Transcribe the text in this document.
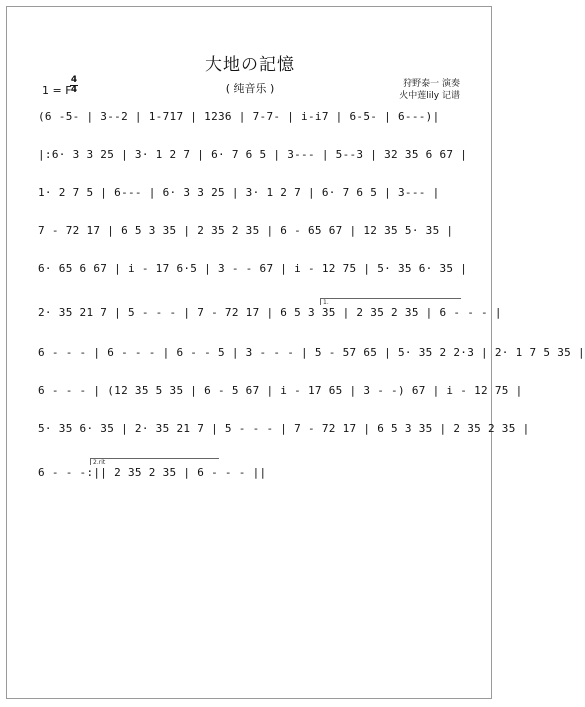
大地の記憶
( 纯音乐 )
1 = F
4
4
狩野泰一 演奏
火中莲lily 记谱
(6 -5- | 3--2 | 1-717 | 1236 | 7-7- | i-i7 | 6-5- | 6---)|
|:6· 3 3 25 | 3· 1 2 7 | 6· 7 6 5 | 3--- | 5--3 | 32 35 6 67 |
1· 2 7 5 | 6--- | 6· 3 3 25 | 3· 1 2 7 | 6· 7 6 5 | 3--- |
7 - 72 17 | 6 5 3 35 | 2 35 2 35 | 6 - 65 67 | 12 35 5· 35 |
6· 65 6 67 | i - 17 6·5 | 3 - - 67 | i - 12 75 | 5· 35 6· 35 |
2· 35 21 7 | 5 - - - | 7 - 72 17 | 6 5 3 35 | 2 35 2 35 | 6 - - - |
6 - - - | 6 - - - | 6 - - 5 | 3 - - - | 5 - 57 65 | 5· 35 2 2·3 | 2· 1 7 5 35 |
6 - - - | (12 35 5 35 | 6 - 5 67 | i - 17 65 | 3 - -) 67 | i - 12 75 |
5· 35 6· 35 | 2· 35 21 7 | 5 - - - | 7 - 72 17 | 6 5 3 35 | 2 35 2 35 |
6 - - -:|| 2 35 2 35 | 6 - - - ||
1.
2.rit
